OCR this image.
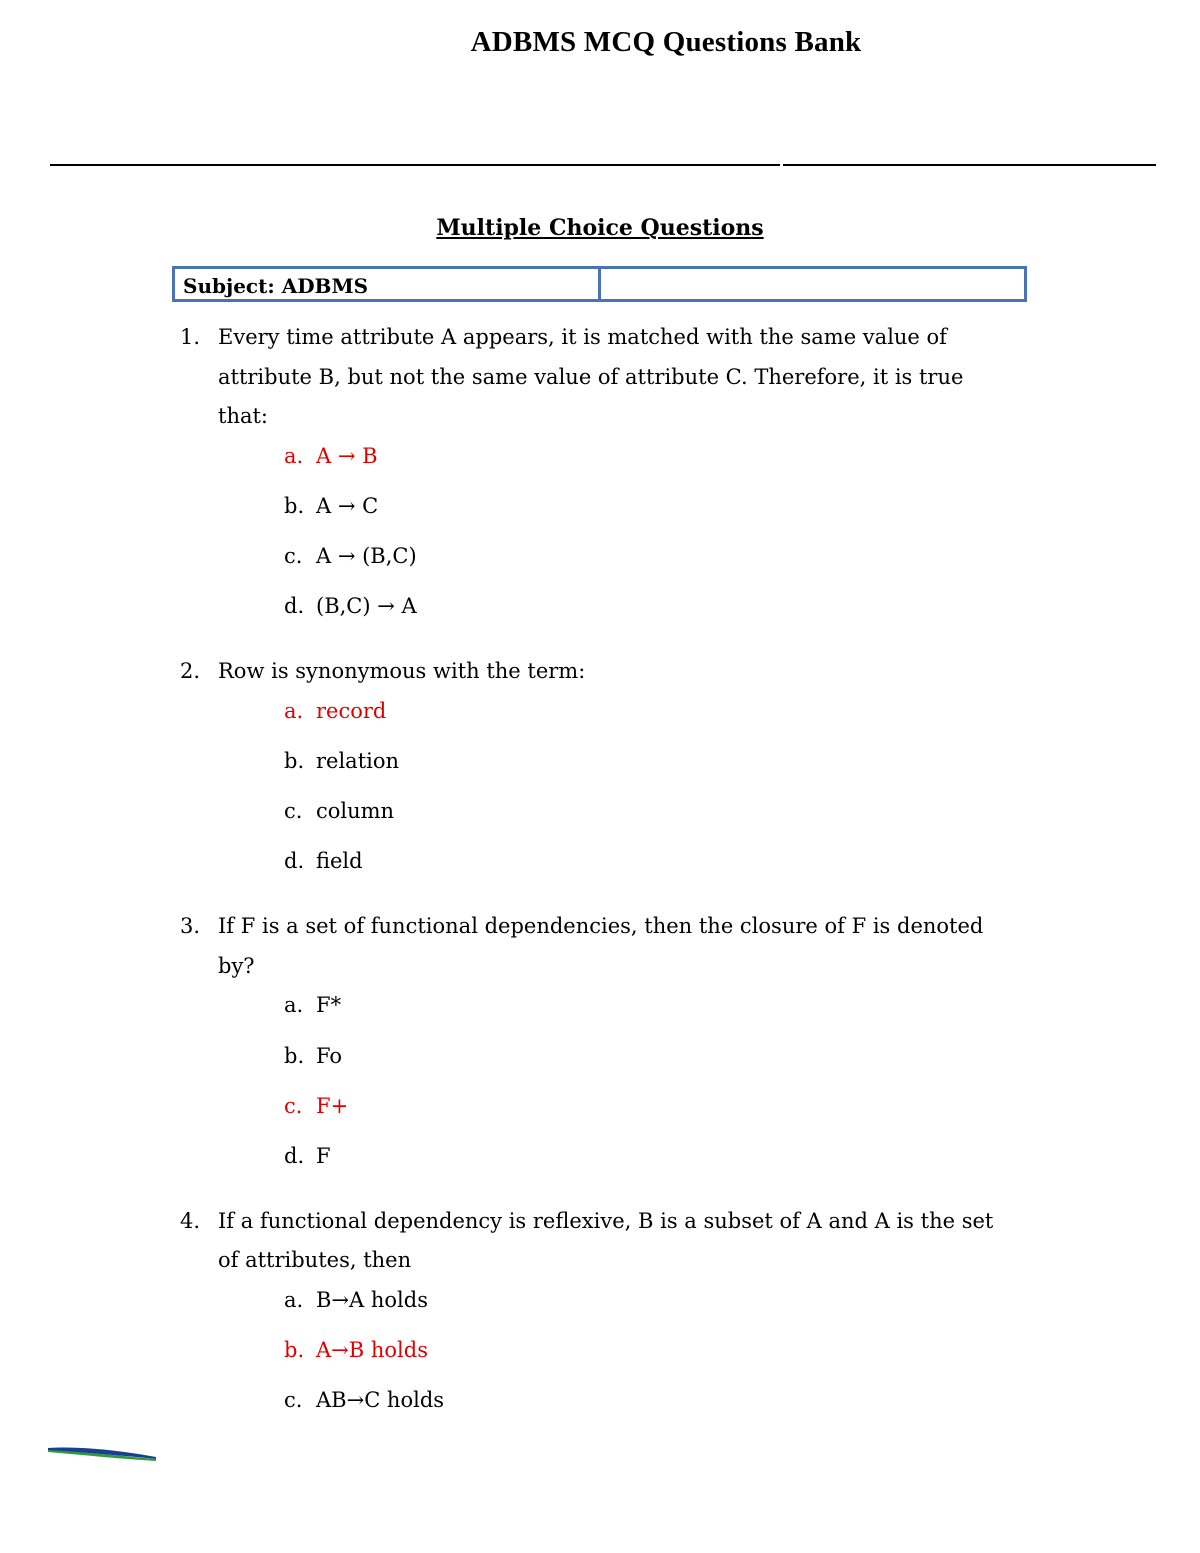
ADBMS MCQ Questions Bank
Multiple Choice Questions
Subject: ADBMS
1. Every time attribute A appears, it is matched with the same value of attribute B, but not the same value of attribute C. Therefore, it is true that:
a. A → B
b. A → C
c. A → (B,C)
d. (B,C) → A
2. Row is synonymous with the term:
a. record
b. relation
c. column
d. field
3. If F is a set of functional dependencies, then the closure of F is denoted by?
a. F*
b. Fo
c. F+
d. F
4. If a functional dependency is reflexive, B is a subset of A and A is the set of attributes, then
a. B→A holds
b. A→B holds
c. AB→C holds
